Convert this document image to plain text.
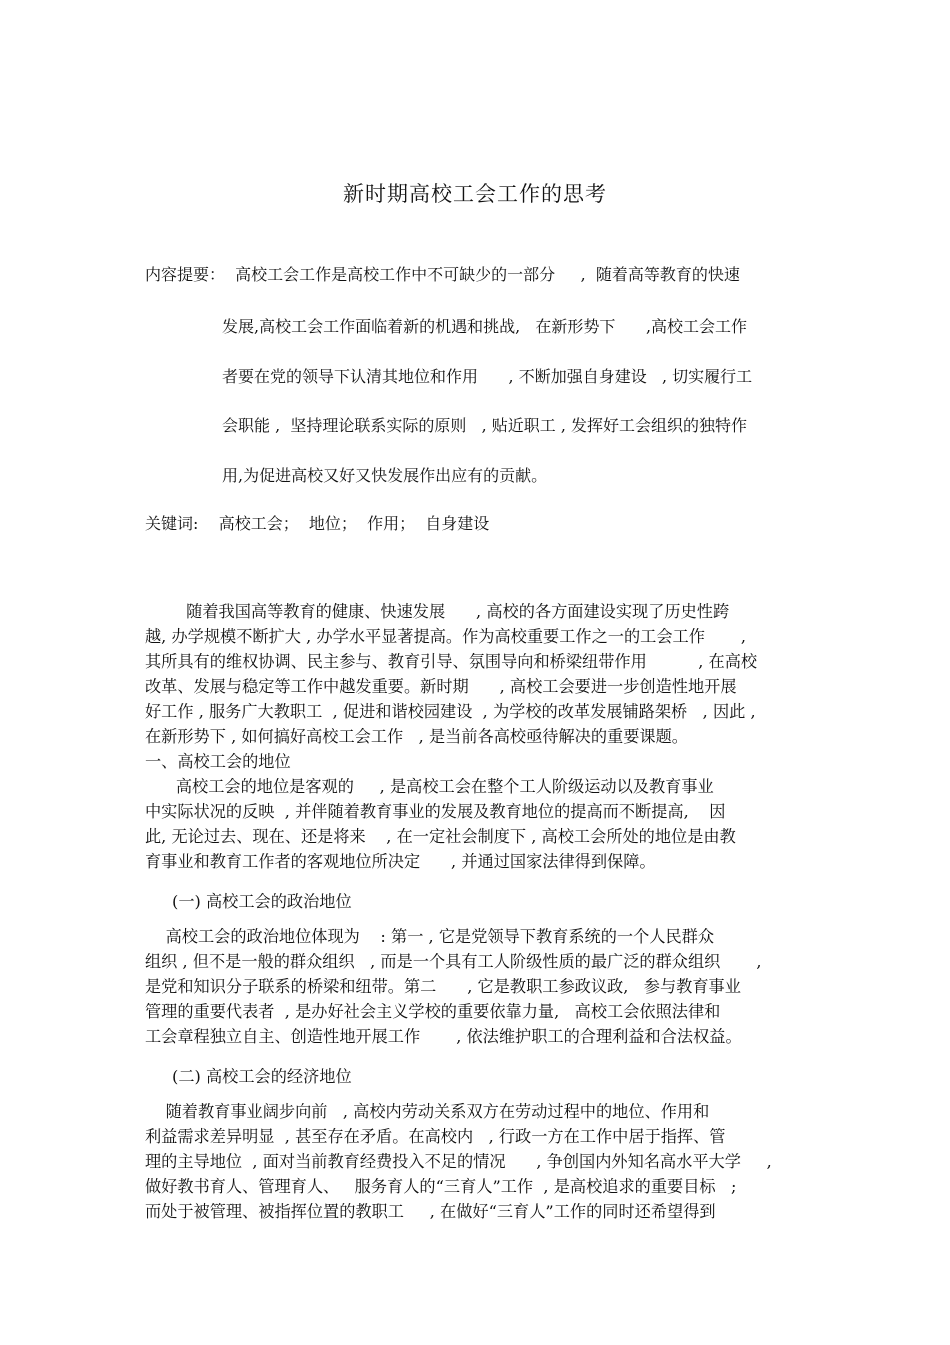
新时期高校工会工作的思考
内容提要：  高校工会工作是高校工作中不可缺少的一部分     ,  随着高等教育的快速
发展,高校工会工作面临着新的机遇和挑战,   在新形势下      ,高校工会工作
者要在党的领导下认清其地位和作用      , 不断加强自身建设   , 切实履行工
会职能 ,  坚持理论联系实际的原则   , 贴近职工 , 发挥好工会组织的独特作
用,为促进高校又好又快发展作出应有的贡献。
关键词:    高校工会；  地位；  作用；  自身建设
随着我国高等教育的健康、快速发展      , 高校的各方面建设实现了历史性跨
越, 办学规模不断扩大 , 办学水平显著提高。作为高校重要工作之一的工会工作       ,
其所具有的维权协调、民主参与、教育引导、氛围导向和桥梁纽带作用          , 在高校
改革、发展与稳定等工作中越发重要。新时期      , 高校工会要进一步创造性地开展
好工作 , 服务广大教职工  , 促进和谐校园建设  , 为学校的改革发展铺路架桥   , 因此 ,
在新形势下 , 如何搞好高校工会工作   , 是当前各高校亟待解决的重要课题。
一、高校工会的地位
高校工会的地位是客观的     , 是高校工会在整个工人阶级运动以及教育事业
中实际状况的反映  , 并伴随着教育事业的发展及教育地位的提高而不断提高,    因
此, 无论过去、现在、还是将来    , 在一定社会制度下 , 高校工会所处的地位是由教
育事业和教育工作者的客观地位所决定      , 并通过国家法律得到保障。
(一) 高校工会的政治地位
高校工会的政治地位体现为    : 第一 , 它是党领导下教育系统的一个人民群众
组织 , 但不是一般的群众组织   , 而是一个具有工人阶级性质的最广泛的群众组织       ,
是党和知识分子联系的桥梁和纽带。第二      , 它是教职工参政议政,   参与教育事业
管理的重要代表者  , 是办好社会主义学校的重要依靠力量,   高校工会依照法律和
工会章程独立自主、创造性地开展工作       , 依法维护职工的合理利益和合法权益。
(二) 高校工会的经济地位
随着教育事业阔步向前   , 高校内劳动关系双方在劳动过程中的地位、作用和
利益需求差异明显  , 甚至存在矛盾。在高校内   , 行政一方在工作中居于指挥、管
理的主导地位  , 面对当前教育经费投入不足的情况      , 争创国内外知名高水平大学     ,
做好教书育人、管理育人、   服务育人的“三育人”工作  , 是高校追求的重要目标   ;
而处于被管理、被指挥位置的教职工     , 在做好“三育人”工作的同时还希望得到
